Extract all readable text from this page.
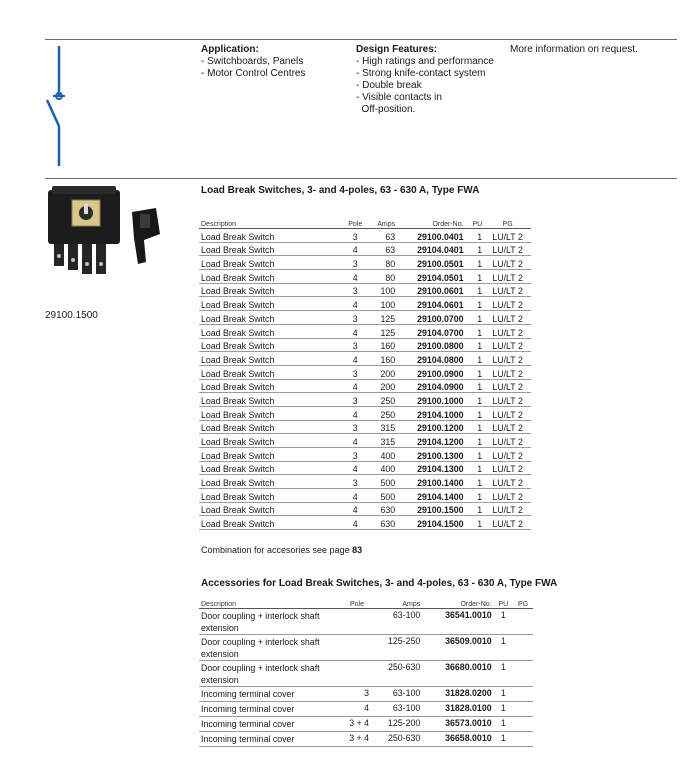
Application:
- Switchboards, Panels
- Motor Control Centres
Design Features:
- High ratings and performance
- Strong knife-contact system
- Double break
- Visible contacts in
Off-position.
More information on request.
29100.1500
Load Break Switches, 3- and 4-poles, 63 - 630 A, Type FWA
Description	Pole	Amps	Order-No.	PU	PG
Load Break Switch	3	63	29100.0401	1	LU/LT 2
Load Break Switch	4	63	29104.0401	1	LU/LT 2
Load Break Switch	3	80	29100.0501	1	LU/LT 2
Load Break Switch	4	80	29104.0501	1	LU/LT 2
Load Break Switch	3	100	29100.0601	1	LU/LT 2
Load Break Switch	4	100	29104.0601	1	LU/LT 2
Load Break Switch	3	125	29100.0700	1	LU/LT 2
Load Break Switch	4	125	29104.0700	1	LU/LT 2
Load Break Switch	3	160	29100.0800	1	LU/LT 2
Load Break Switch	4	160	29104.0800	1	LU/LT 2
Load Break Switch	3	200	29100.0900	1	LU/LT 2
Load Break Switch	4	200	29104.0900	1	LU/LT 2
Load Break Switch	3	250	29100.1000	1	LU/LT 2
Load Break Switch	4	250	29104.1000	1	LU/LT 2
Load Break Switch	3	315	29100.1200	1	LU/LT 2
Load Break Switch	4	315	29104.1200	1	LU/LT 2
Load Break Switch	3	400	29100.1300	1	LU/LT 2
Load Break Switch	4	400	29104.1300	1	LU/LT 2
Load Break Switch	3	500	29100.1400	1	LU/LT 2
Load Break Switch	4	500	29104.1400	1	LU/LT 2
Load Break Switch	4	630	29100.1500	1	LU/LT 2
Load Break Switch	4	630	29104.1500	1	LU/LT 2
Combination for accesories see page 83
Accessories for Load Break Switches, 3- and 4-poles, 63 - 630 A, Type FWA
Description	Pole	Amps	Order-No.	PU	PG
Door coupling + interlock shaft extension		63-100	36541.0010	1	
Door coupling + interlock shaft extension		125-250	36509.0010	1	
Door coupling + interlock shaft extension		250-630	36680.0010	1	
Incoming terminal cover	3	63-100	31828.0200	1	
Incoming terminal cover	4	63-100	31828.0100	1	
Incoming terminal cover	3 + 4	125-200	36573.0010	1	
Incoming terminal cover	3 + 4	250-630	36658.0010	1	
